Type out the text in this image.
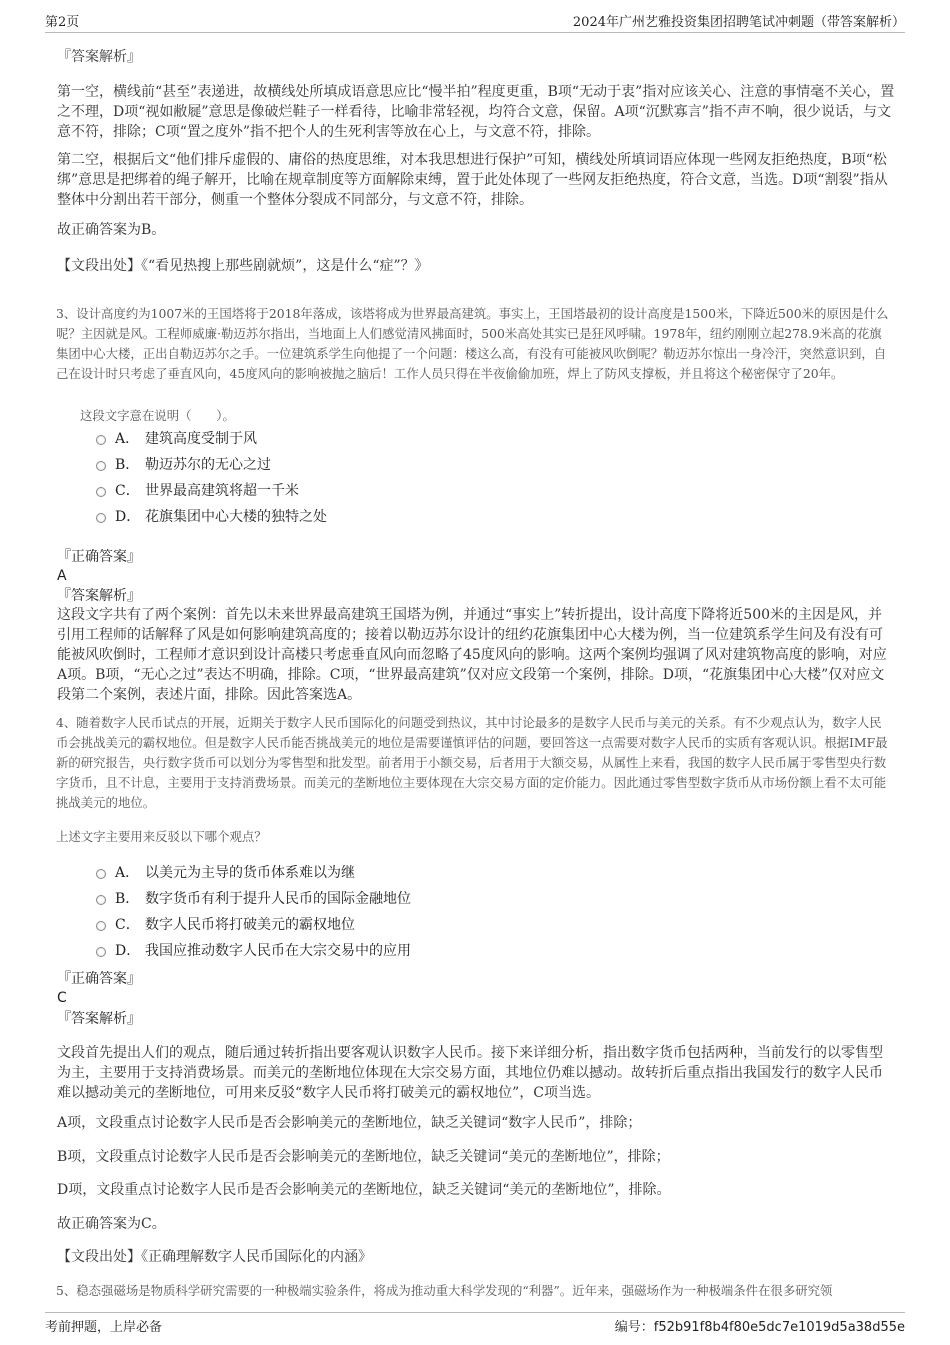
第2页	2024年广州艺雅投资集团招聘笔试冲刺题（带答案解析）
『答案解析』
第一空，横线前“甚至”表递进，故横线处所填成语意思应比“慢半拍”程度更重，B项“无动于衷”指对应该关心、注意的事情毫不关心，置之不理，D项“视如敝屣”意思是像破烂鞋子一样看待，比喻非常轻视，均符合文意，保留。A项“沉默寡言”指不声不响，很少说话，与文意不符，排除；C项“置之度外”指不把个人的生死利害等放在心上，与文意不符，排除。
第二空，根据后文“他们排斥虚假的、庸俗的热度思维，对本我思想进行保护”可知，横线处所填词语应体现一些网友拒绝热度，B项“松绑”意思是把绑着的绳子解开，比喻在规章制度等方面解除束缚，置于此处体现了一些网友拒绝热度，符合文意，当选。D项“割裂”指从整体中分割出若干部分，侧重一个整体分裂成不同部分，与文意不符，排除。
故正确答案为B。
【文段出处】《“看见热搜上那些剧就烦”，这是什么“症”？》
3、设计高度约为1007米的王国塔将于2018年落成，该塔将成为世界最高建筑。事实上，王国塔最初的设计高度是1500米，下降近500米的原因是什么呢？主因就是风。工程师威廉·勒迈苏尔指出，当地面上人们感觉清风拂面时，500米高处其实已是狂风呼啸。1978年，纽约刚刚立起278.9米高的花旗集团中心大楼，正出自勒迈苏尔之手。一位建筑系学生向他提了一个问题：楼这么高，有没有可能被风吹倒呢？勒迈苏尔惊出一身冷汗，突然意识到，自己在设计时只考虑了垂直风向，45度风向的影响被抛之脑后！工作人员只得在半夜偷偷加班，焊上了防风支撑板，并且将这个秘密保守了20年。
这段文字意在说明（　　）。
A． 建筑高度受制于风
B． 勒迈苏尔的无心之过
C． 世界最高建筑将超一千米
D． 花旗集团中心大楼的独特之处
『正确答案』
A
『答案解析』
这段文字共有了两个案例：首先以未来世界最高建筑王国塔为例，并通过“事实上”转折提出，设计高度下降将近500米的主因是风，并引用工程师的话解释了风是如何影响建筑高度的；接着以勒迈苏尔设计的纽约花旗集团中心大楼为例，当一位建筑系学生问及有没有可能被风吹倒时，工程师才意识到设计高楼只考虑垂直风向而忽略了45度风向的影响。这两个案例均强调了风对建筑物高度的影响，对应A项。B项，“无心之过”表达不明确，排除。C项，“世界最高建筑”仅对应文段第一个案例，排除。D项，“花旗集团中心大楼”仅对应文段第二个案例，表述片面，排除。因此答案选A。
4、随着数字人民币试点的开展，近期关于数字人民币国际化的问题受到热议，其中讨论最多的是数字人民币与美元的关系。有不少观点认为，数字人民币会挑战美元的霸权地位。但是数字人民币能否挑战美元的地位是需要谨慎评估的问题，要回答这一点需要对数字人民币的实质有客观认识。根据IMF最新的研究报告，央行数字货币可以划分为零售型和批发型。前者用于小额交易，后者用于大额交易，从属性上来看，我国的数字人民币属于零售型央行数字货币，且不计息，主要用于支持消费场景。而美元的垄断地位主要体现在大宗交易方面的定价能力。因此通过零售型数字货币从市场份额上看不太可能挑战美元的地位。
上述文字主要用来反驳以下哪个观点？
A． 以美元为主导的货币体系难以为继
B． 数字货币有利于提升人民币的国际金融地位
C． 数字人民币将打破美元的霸权地位
D． 我国应推动数字人民币在大宗交易中的应用
『正确答案』
C
『答案解析』
文段首先提出人们的观点，随后通过转折指出要客观认识数字人民币。接下来详细分析，指出数字货币包括两种，当前发行的以零售型为主，主要用于支持消费场景。而美元的垄断地位体现在大宗交易方面，其地位仍难以撼动。故转折后重点指出我国发行的数字人民币难以撼动美元的垄断地位，可用来反驳“数字人民币将打破美元的霸权地位”，C项当选。
A项，文段重点讨论数字人民币是否会影响美元的垄断地位，缺乏关键词“数字人民币”，排除；
B项，文段重点讨论数字人民币是否会影响美元的垄断地位，缺乏关键词“美元的垄断地位”，排除；
D项，文段重点讨论数字人民币是否会影响美元的垄断地位，缺乏关键词“美元的垄断地位”，排除。
故正确答案为C。
【文段出处】《正确理解数字人民币国际化的内涵》
5、稳态强磁场是物质科学研究需要的一种极端实验条件，将成为推动重大科学发现的“利器”。近年来，强磁场作为一种极端条件在很多研究领
考前押题，上岸必备	编号：f52b91f8b4f80e5dc7e1019d5a38d55e
